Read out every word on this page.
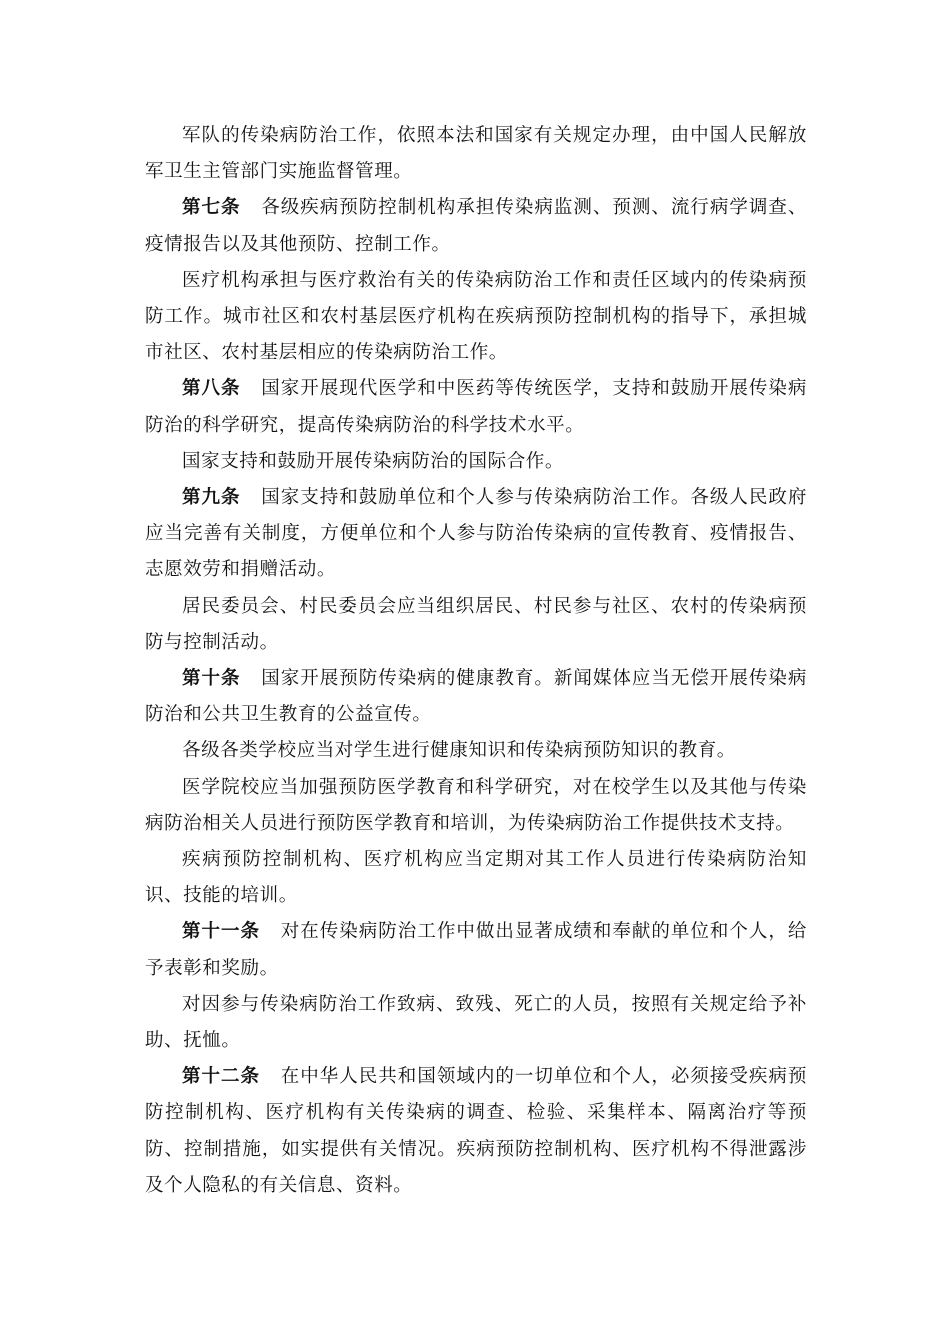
军队的传染病防治工作，依照本法和国家有关规定办理，由中国人民解放军卫生主管部门实施监督管理。

第七条 各级疾病预防控制机构承担传染病监测、预测、流行病学调查、疫情报告以及其他预防、控制工作。

医疗机构承担与医疗救治有关的传染病防治工作和责任区域内的传染病预防工作。城市社区和农村基层医疗机构在疾病预防控制机构的指导下，承担城市社区、农村基层相应的传染病防治工作。

第八条 国家开展现代医学和中医药等传统医学，支持和鼓励开展传染病防治的科学研究，提高传染病防治的科学技术水平。

国家支持和鼓励开展传染病防治的国际合作。

第九条 国家支持和鼓励单位和个人参与传染病防治工作。各级人民政府应当完善有关制度，方便单位和个人参与防治传染病的宣传教育、疫情报告、志愿效劳和捐赠活动。

居民委员会、村民委员会应当组织居民、村民参与社区、农村的传染病预防与控制活动。

第十条 国家开展预防传染病的健康教育。新闻媒体应当无偿开展传染病防治和公共卫生教育的公益宣传。

各级各类学校应当对学生进行健康知识和传染病预防知识的教育。

医学院校应当加强预防医学教育和科学研究，对在校学生以及其他与传染病防治相关人员进行预防医学教育和培训，为传染病防治工作提供技术支持。

疾病预防控制机构、医疗机构应当定期对其工作人员进行传染病防治知识、技能的培训。

第十一条 对在传染病防治工作中做出显著成绩和奉献的单位和个人，给予表彰和奖励。

对因参与传染病防治工作致病、致残、死亡的人员，按照有关规定给予补助、抚恤。

第十二条 在中华人民共和国领域内的一切单位和个人，必须接受疾病预防控制机构、医疗机构有关传染病的调查、检验、采集样本、隔离治疗等预防、控制措施，如实提供有关情况。疾病预防控制机构、医疗机构不得泄露涉及个人隐私的有关信息、资料。
